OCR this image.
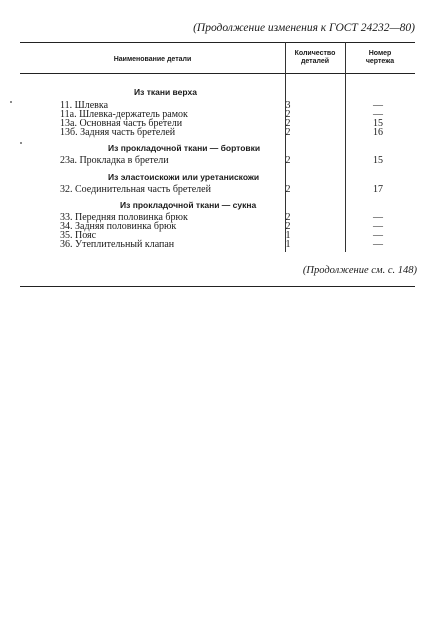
(Продолжение изменения к ГОСТ 24232—80)
Наименование детали
Количество
деталей
Номер
чертежа
Из ткани верха
11. Шлевка	3	—
11а. Шлевка-держатель рамок	2	—
13а. Основная часть бретели	2	15
13б. Задняя часть бретелей	2	16
Из прокладочной ткани — бортовки
23а. Прокладка в бретели	2	15
Из эластоискожи или уретанискожи
32. Соединительная часть бретелей	2	17
Из прокладочной ткани — сукна
33. Передняя половинка брюк	2	—
34. Задняя половинка брюк	2	—
35. Пояс	1	—
36. Утеплительный клапан	1	—
(Продолжение см. с. 148)
